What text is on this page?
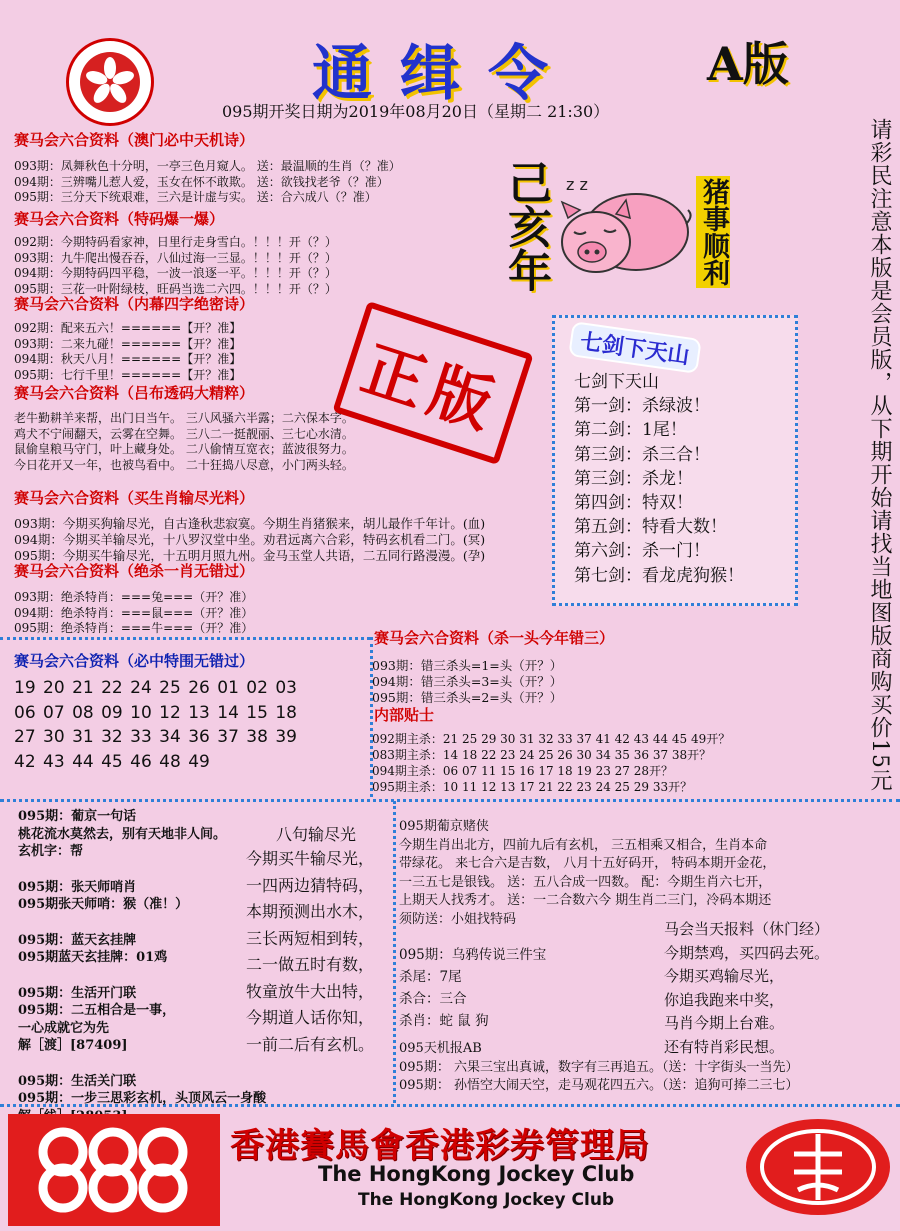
通缉令	A版
095期开奖日期为2019年08月20日（星期二 21:30）
赛马会六合资料（澳门必中天机诗）
093期：凤舞秋色十分明，一亭三色月窥人。 送：最温顺的生肖（？准）
094期：三辨嘴儿惹人爱，玉女在怀不敢欺。 送：欲钱找老爷（？准）
095期：三分天下统艰难，三六是计虚与实。 送：合六成八（？准）
赛马会六合资料（特码爆一爆）
092期：今期特码看家神，日里行走身雪白。！！！开（？）
093期：九牛爬出慢吞吞，八仙过海一三显。！！！开（？）
094期：今期特码四平稳，一波一浪逐一平。！！！开（？）
095期：三花一叶附绿枝，旺码当选二六四。！！！开（？）
赛马会六合资料（内幕四字绝密诗）
092期：配来五六！======【开？准】
093期：二来九碰！======【开？准】
094期：秋天八月！======【开？准】
095期：七行千里！======【开？准】
赛马会六合资料（吕布透码大精粹）
老牛勤耕羊来帮，出门日当午。 三八风骚六半露；二六保本字。
鸡犬不宁闹翻天，云雾在空舞。 三八二一挺靓丽、三七心水清。
鼠偷皇粮马守门，叶上藏身处。 二八偷情互宽衣；蓝波很努力。
今日花开又一年，也被鸟看中。 二十狂捣八尽意，小门两头轻。
正版
赛马会六合资料（买生肖输尽光料）
093期：今期买狗输尽光，自古逢秋悲寂寞。今期生肖猪猴来，胡儿最作千年计。(血)
094期：今期买羊输尽光，十八罗汉堂中坐。劝君远离六合彩，特码玄机看二门。(冥)
095期：今期买牛输尽光，十五明月照九州。金马玉堂人共语，二五同行路漫漫。(孕)
赛马会六合资料（绝杀一肖无错过）
093期：绝杀特肖：===兔===（开？准）
094期：绝杀特肖：===鼠===（开？准）
095期：绝杀特肖：===牛===（开？准）
赛马会六合资料（必中特围无错过）
19 20 21 22 24 25 26 01 02 03
06 07 08 09 10 12 13 14 15 18
27 30 31 32 33 34 36 37 38 39
42 43 44 45 46 48 49
己亥年 z z	猪事顺利
七剑下天山
七剑下天山
第一剑：杀绿波！
第二剑：1尾！
第三剑：杀三合！
第三剑：杀龙！
第四剑：特双！
第五剑：特看大数！
第六剑：杀一门！
第七剑：看龙虎狗猴！	请彩民注意本版是会员版，从下期开始请找当地图版商购买价15元
赛马会六合资料（杀一头今年错三）
093期：错三杀头=1=头（开？）
094期：错三杀头=3=头（开？）
095期：错三杀头=2=头（开？）
内部贴士
092期主杀：21 25 29 30 31 32 33 37 41 42 43 44 45 49开？
083期主杀：14 18 22 23 24 25 26 30 34 35 36 37 38开？
094期主杀：06 07 11 15 16 17 18 19 23 27 28开？
095期主杀：10 11 12 13 17 21 22 23 24 25 29 33开？
095期：葡京一句话
桃花流水莫然去，别有天地非人间。
玄机字：帮
095期：张天师哨肖
095期张天师哨：猴（准！）
095期：蓝天玄挂牌
095期蓝天玄挂牌：01鸡
095期：生活开门联
095期：二五相合是一事，
一心成就它为先
解［渡］[87409]
095期：生活关门联
095期：一步三思彩玄机，头顶风云一身酸
八句输尽光
今期买牛输尽光，
一四两边猜特码，
本期预测出水木，
三长两短相到转，
二一做五时有数，
牧童放牛大出特，
今期道人话你知，
一前二后有玄机。
095期葡京赌侠
今期生肖出北方，四前九后有玄机， 三五相乘又相合，生肖本命
带绿花。 来七合六是吉数， 八月十五好码开， 特码本期开金花，
一三五七是银钱。 送：五八合成一四数。 配：今期生肖六七开，
上期天人找秀才。 送：一二合数六今 期生肖二三门，冷码本期还
须防送：小姐找特码
095期：乌鸦传说三件宝
杀尾：7尾
杀合：三合
杀肖：蛇 鼠 狗
马会当天报料（休门经）
今期禁鸡，买四码去死。
今期买鸡输尽光，
你追我跑来中奖，
马肖今期上台难。
还有特肖彩民想。
095天机报AB
095期： 六果三宝出真诚，数字有三再追五。（送：十字街头一当先）
095期： 孙悟空大闹天空，走马观花四五六。（送：追狗可捧二三七）
香港賽馬會香港彩券管理局
The HongKong Jockey Club
The HongKong Jockey Club
